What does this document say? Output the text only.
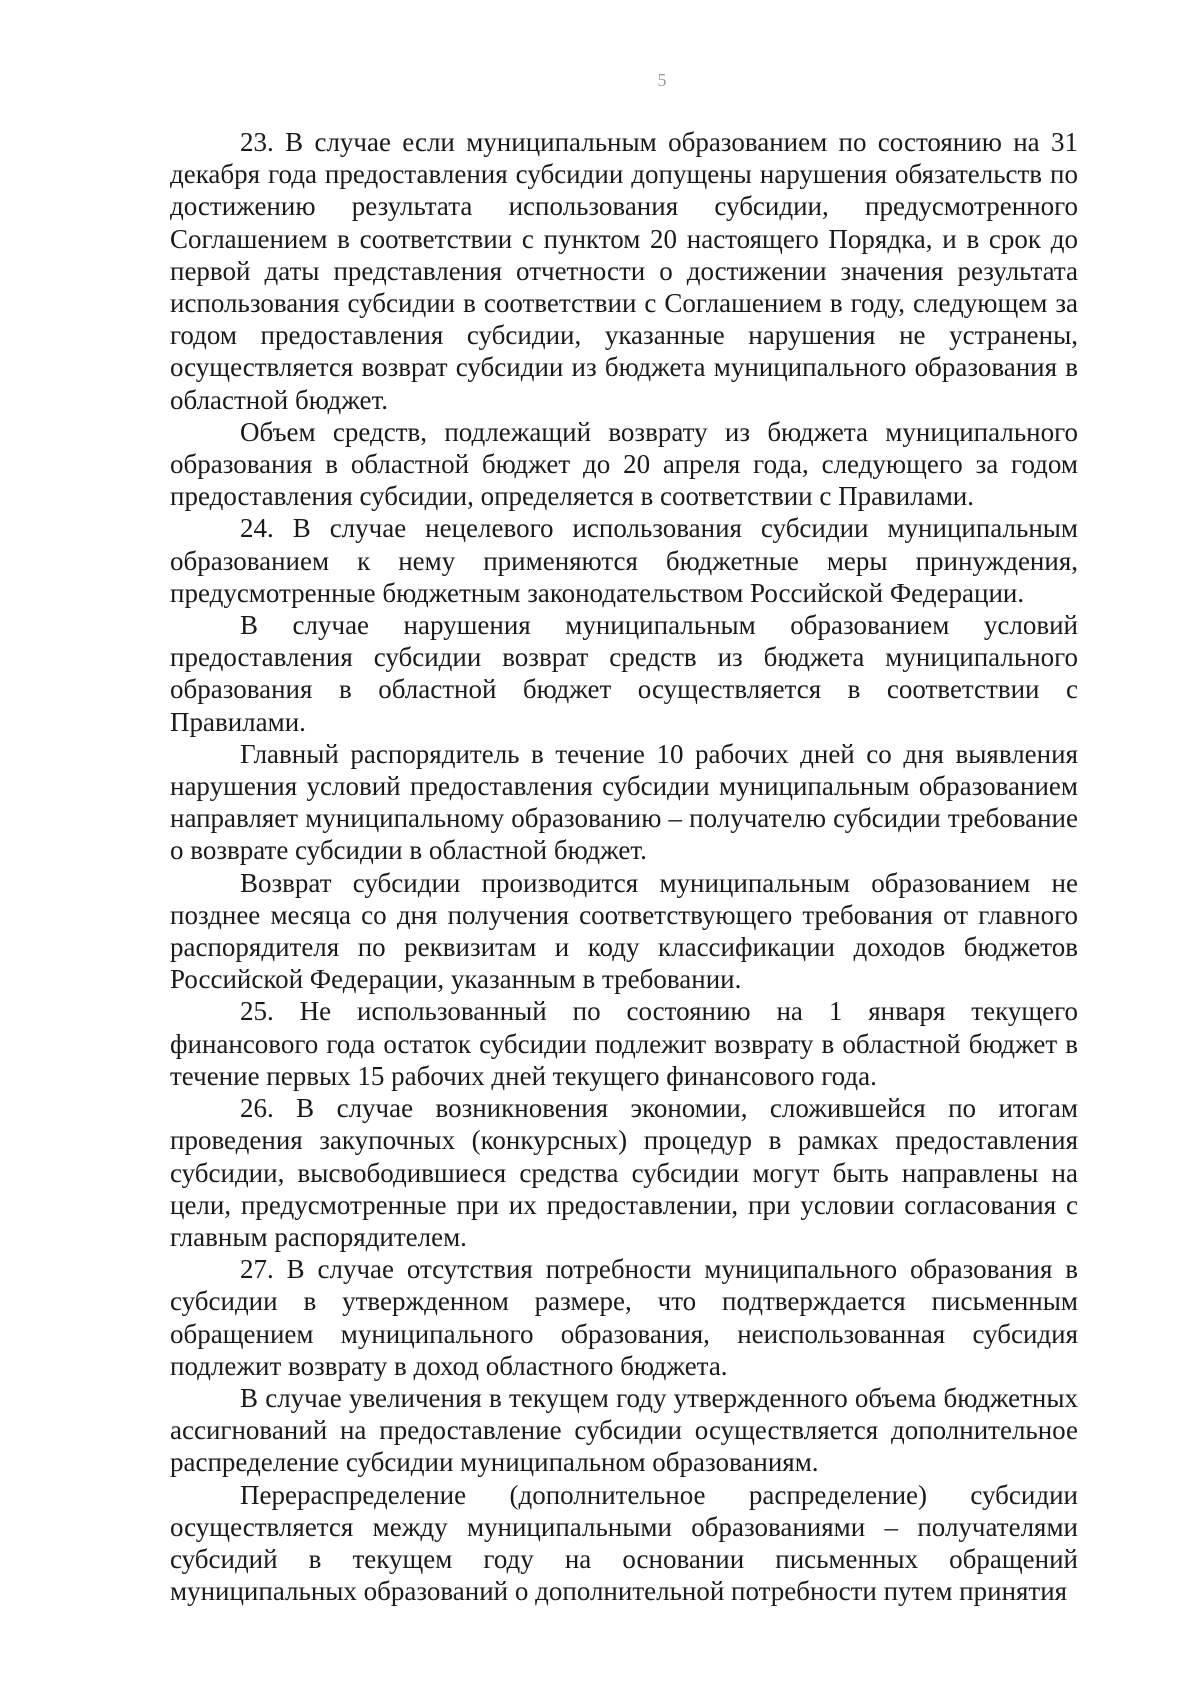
5

23. В случае если муниципальным образованием по состоянию на 31 декабря года предоставления субсидии допущены нарушения обязательств по достижению результата использования субсидии, предусмотренного Соглашением в соответствии с пунктом 20 настоящего Порядка, и в срок до первой даты представления отчетности о достижении значения результата использования субсидии в соответствии с Соглашением в году, следующем за годом предоставления субсидии, указанные нарушения не устранены, осуществляется возврат субсидии из бюджета муниципального образования в областной бюджет.

Объем средств, подлежащий возврату из бюджета муниципального образования в областной бюджет до 20 апреля года, следующего за годом предоставления субсидии, определяется в соответствии с Правилами.

24. В случае нецелевого использования субсидии муниципальным образованием к нему применяются бюджетные меры принуждения, предусмотренные бюджетным законодательством Российской Федерации.

В случае нарушения муниципальным образованием условий предоставления субсидии возврат средств из бюджета муниципального образования в областной бюджет осуществляется в соответствии с Правилами.

Главный распорядитель в течение 10 рабочих дней со дня выявления нарушения условий предоставления субсидии муниципальным образованием направляет муниципальному образованию – получателю субсидии требование о возврате субсидии в областной бюджет.

Возврат субсидии производится муниципальным образованием не позднее месяца со дня получения соответствующего требования от главного распорядителя по реквизитам и коду классификации доходов бюджетов Российской Федерации, указанным в требовании.

25. Не использованный по состоянию на 1 января текущего финансового года остаток субсидии подлежит возврату в областной бюджет в течение первых 15 рабочих дней текущего финансового года.

26. В случае возникновения экономии, сложившейся по итогам проведения закупочных (конкурсных) процедур в рамках предоставления субсидии, высвободившиеся средства субсидии могут быть направлены на цели, предусмотренные при их предоставлении, при условии согласования с главным распорядителем.

27. В случае отсутствия потребности муниципального образования в субсидии в утвержденном размере, что подтверждается письменным обращением муниципального образования, неиспользованная субсидия подлежит возврату в доход областного бюджета.

В случае увеличения в текущем году утвержденного объема бюджетных ассигнований на предоставление субсидии осуществляется дополнительное распределение субсидии муниципальном образованиям.

Перераспределение (дополнительное распределение) субсидии осуществляется между муниципальными образованиями – получателями субсидий в текущем году на основании письменных обращений муниципальных образований о дополнительной потребности путем принятия
